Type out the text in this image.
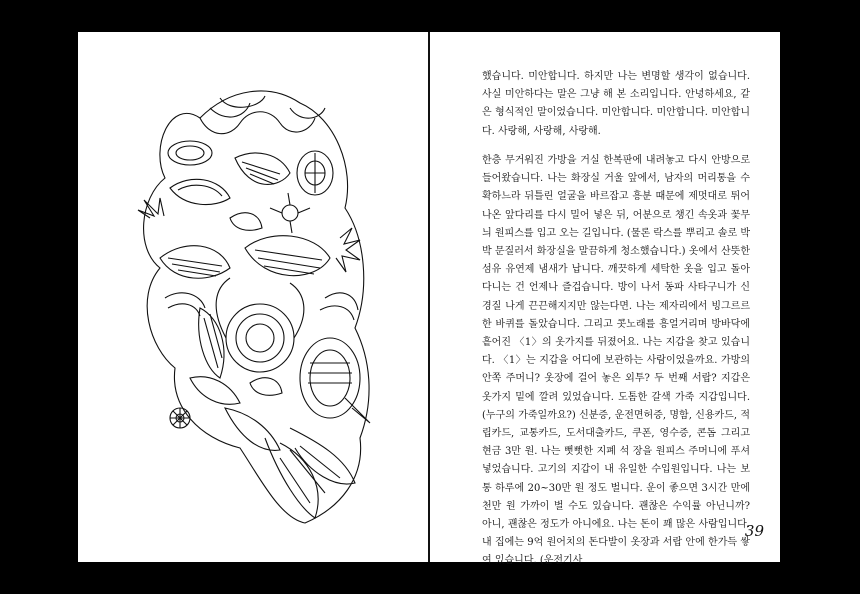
했습니다. 미안합니다. 하지만 나는 변명할 생각이 없습니다. 사실 미안하다는 말은 그냥 해 본 소리입니다. 안녕하세요, 같은 형식적인 말이었습니다. 미안합니다. 미안합니다. 미안합니다. 사랑해, 사랑해, 사랑해.

한층 무거워진 가방을 거실 한복판에 내려놓고 다시 안방으로 들어왔습니다. 나는 화장실 거울 앞에서, 남자의 머리통을 수확하느라 뒤틀린 얼굴을 바르잡고 흥분 때문에 제멋대로 튀어나온 앞다리를 다시 밀어 넣은 뒤, 어분으로 챙긴 속옷과 꽃무늬 원피스를 입고 오는 길입니다. (물론 락스를 뿌리고 솔로 박박 문질러서 화장실을 말끔하게 청소했습니다.) 옷에서 산뜻한 섬유 유연제 냄새가 납니다. 깨끗하게 세탁한 옷을 입고 돌아다니는 건 언제나 즐겁습니다. 방이 나서 동파 사타구니가 신경질 나게 끈끈해지지만 않는다면. 나는 제자리에서 빙그르르 한 바퀴를 돌았습니다. 그리고 콧노래를 흥얼거리며 방바닥에 흩어진 〈1〉의 옷가지를 뒤졌어요. 나는 지갑을 찾고 있습니다. 〈1〉는 지갑을 어디에 보관하는 사람이었을까요. 가방의 안쪽 주머니? 옷장에 걸어 놓은 외투? 두 번째 서랍? 지갑은 옷가지 밑에 깔려 있었습니다. 도톰한 갈색 가죽 지갑입니다. (누구의 가죽일까요?) 신분증, 운전면허증, 명함, 신용카드, 적립카드, 교통카드, 도서대출카드, 쿠폰, 영수증, 콘돔 그리고 현금 3만 원. 나는 뻣뻣한 지폐 석 장을 원피스 주머니에 푸셔 넣었습니다. 고기의 지갑이 내 유일한 수입원입니다. 나는 보통 하루에 20~30만 원 정도 벌니다. 운이 좋으면 3시간 만에 천만 원 가까이 벌 수도 있습니다. 괜찮은 수익률 아닌니까? 아니, 괜찮은 정도가 아니에요. 나는 돈이 꽤 많은 사람입니다. 내 집에는 9억 원어치의 돈다발이 옷장과 서랍 안에 한가득 쌓여 있습니다. (운전기사

39
